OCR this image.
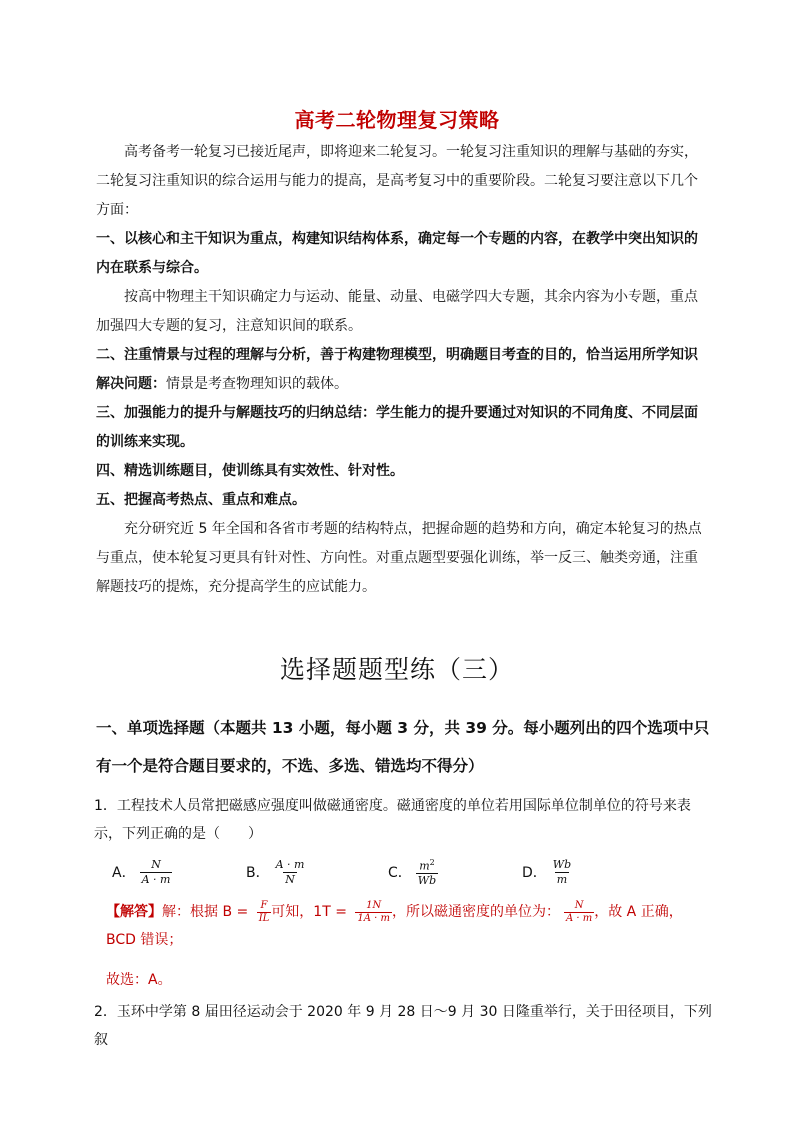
高考二轮物理复习策略
高考备考一轮复习已接近尾声，即将迎来二轮复习。一轮复习注重知识的理解与基础的夯实，二轮复习注重知识的综合运用与能力的提高，是高考复习中的重要阶段。二轮复习要注意以下几个方面：
一、以核心和主干知识为重点，构建知识结构体系，确定每一个专题的内容，在教学中突出知识的内在联系与综合。
按高中物理主干知识确定力与运动、能量、动量、电磁学四大专题，其余内容为小专题，重点加强四大专题的复习，注意知识间的联系。
二、注重情景与过程的理解与分析，善于构建物理模型，明确题目考查的目的，恰当运用所学知识解决问题：情景是考查物理知识的载体。
三、加强能力的提升与解题技巧的归纳总结：学生能力的提升要通过对知识的不同角度、不同层面的训练来实现。
四、精选训练题目，使训练具有实效性、针对性。
五、把握高考热点、重点和难点。
充分研究近 5 年全国和各省市考题的结构特点，把握命题的趋势和方向，确定本轮复习的热点与重点，使本轮复习更具有针对性、方向性。对重点题型要强化训练，举一反三、触类旁通，注重解题技巧的提炼，充分提高学生的应试能力。
选择题题型练（三）
一、单项选择题（本题共 13 小题，每小题 3 分，共 39 分。每小题列出的四个选项中只有一个是符合题目要求的，不选、多选、错选均不得分）
1．工程技术人员常把磁感应强度叫做磁通密度。磁通密度的单位若用国际单位制单位的符号来表示，下列正确的是（　　）
A． $\frac{N}{A \cdot m}$	B． $\frac{A \cdot m}{N}$	C． $\frac{m^2}{Wb}$	D． $\frac{Wb}{m}$
【解答】解：根据 $B = \frac{F}{IL}$ 可知，$1T = \frac{1N}{1A \cdot m}$ ，所以磁通密度的单位为： $\frac{N}{A \cdot m}$ ，故 A 正确，BCD 错误；
故选：A。
2．玉环中学第 8 届田径运动会于 2020 年 9 月 28 日～9 月 30 日隆重举行，关于田径项目，下列叙
